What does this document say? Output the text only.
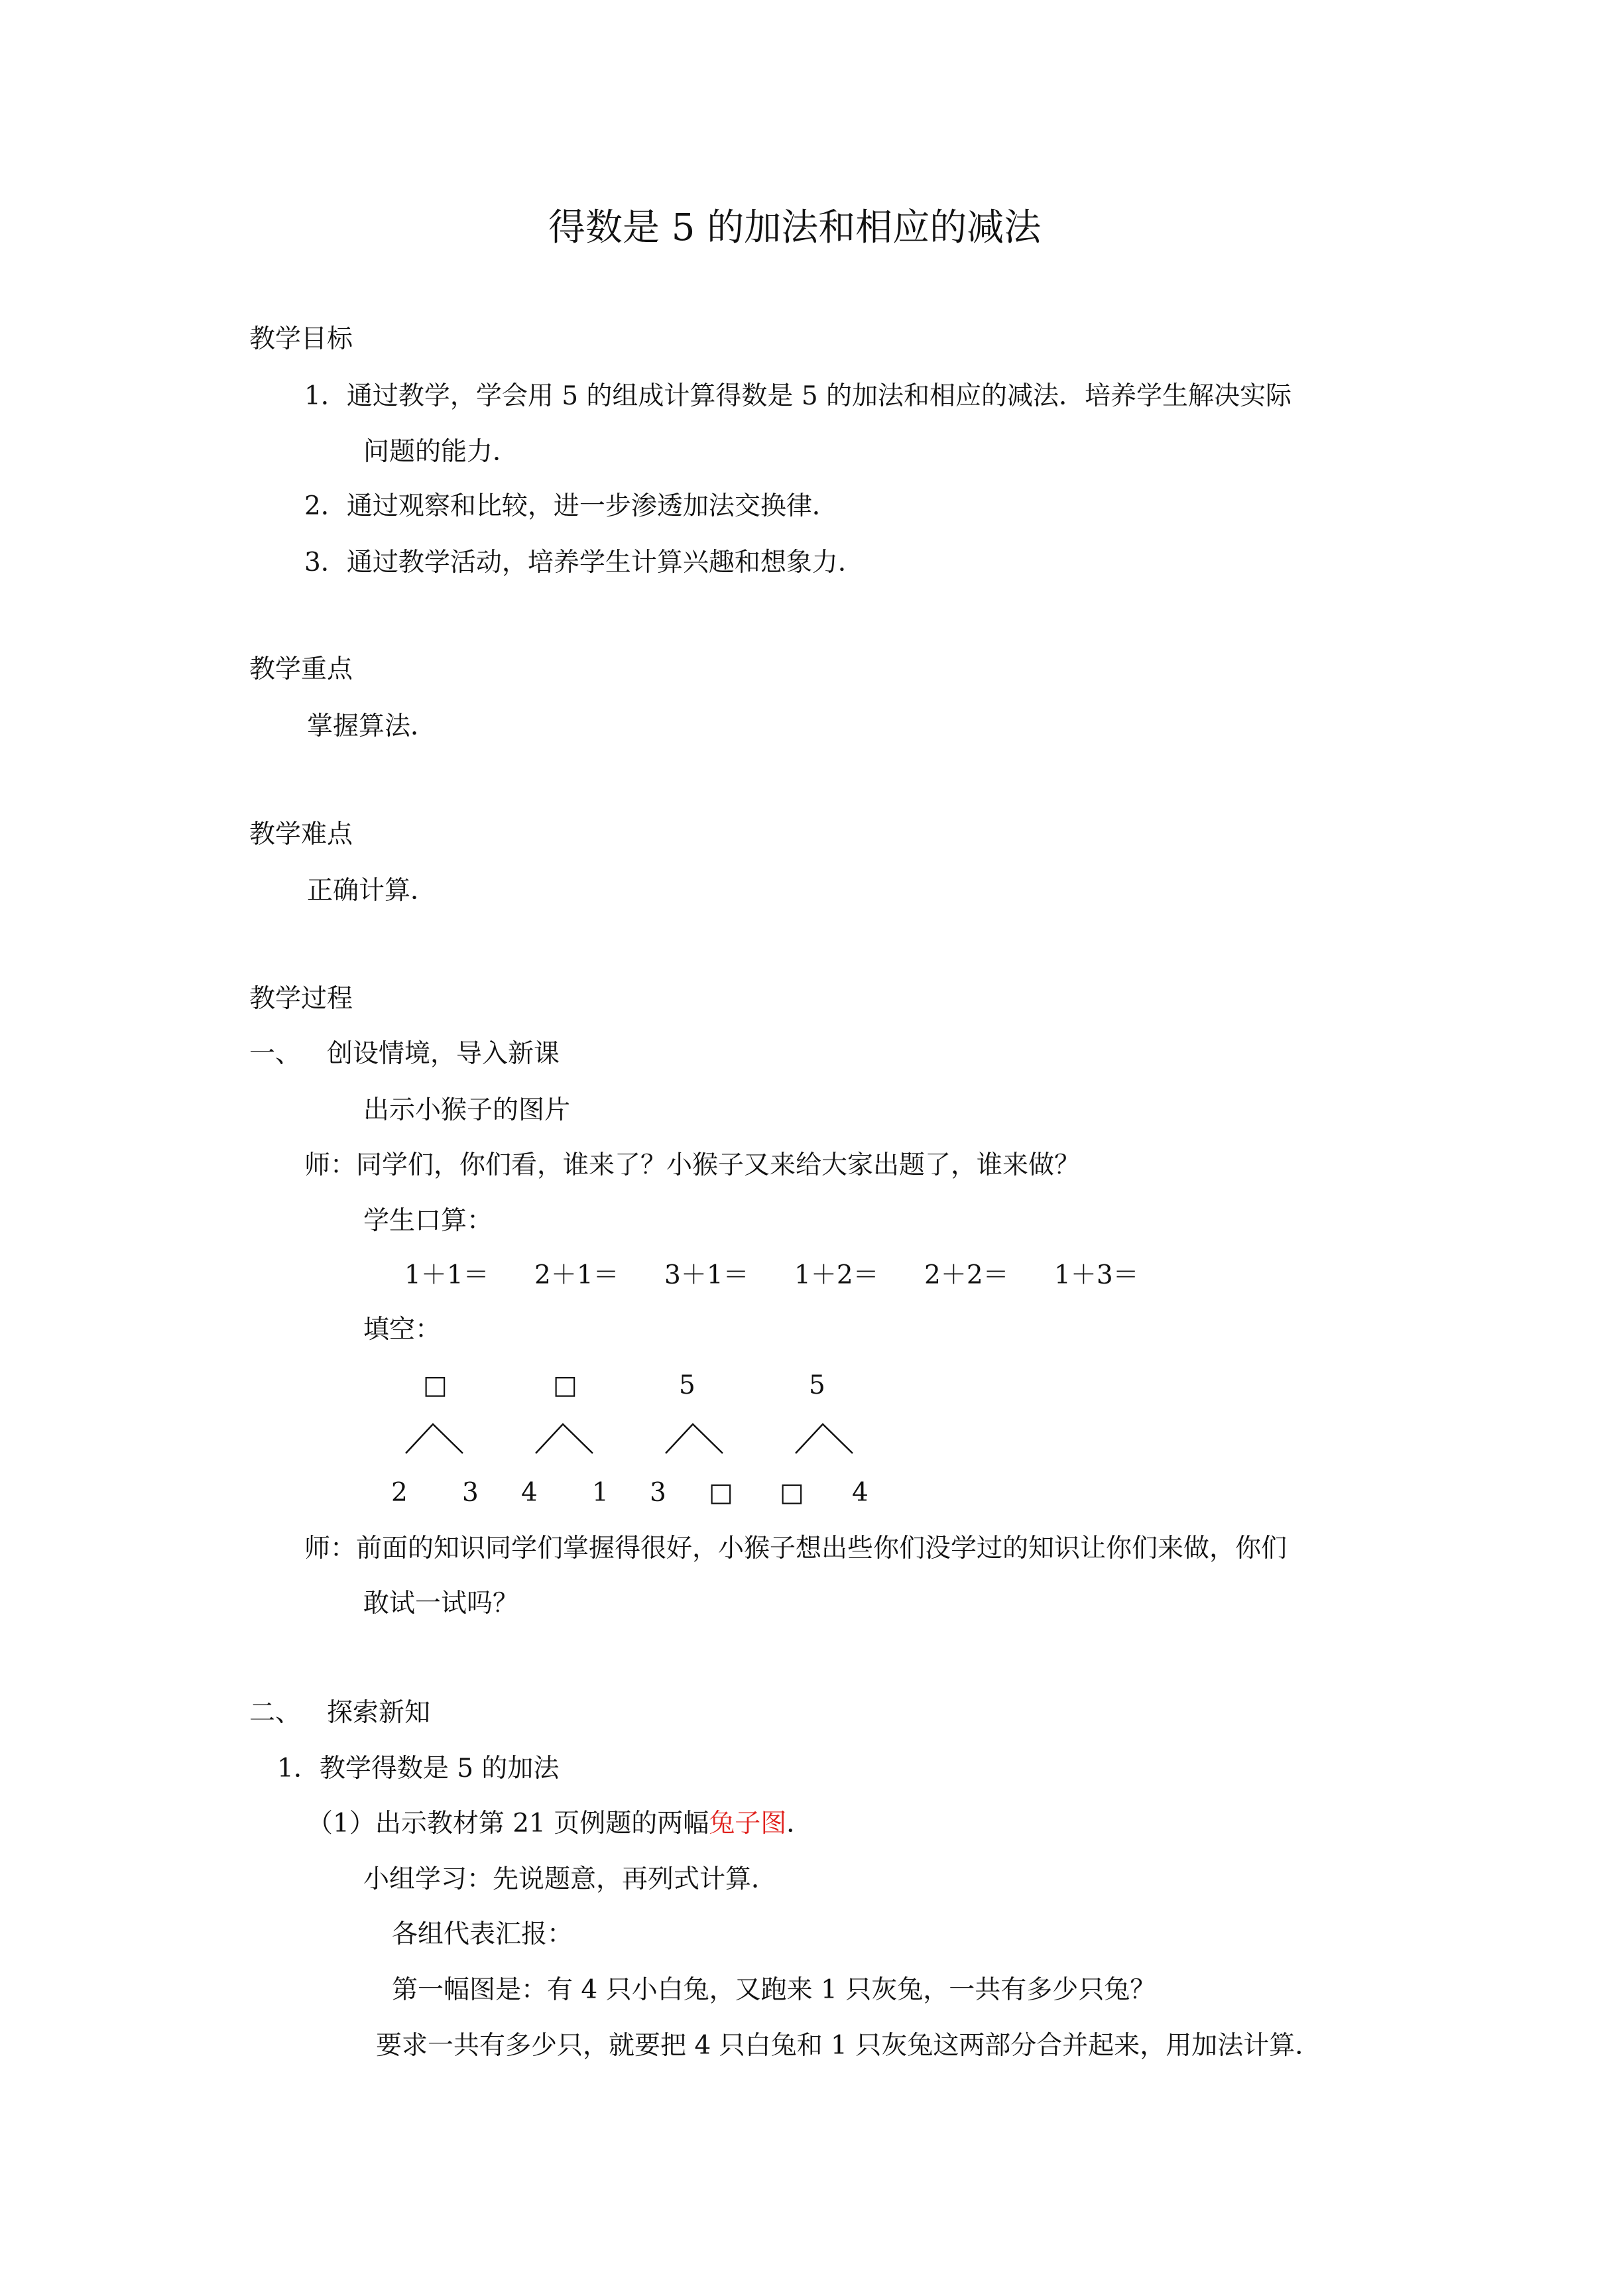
得数是 5 的加法和相应的减法
教学目标
1．通过教学，学会用 5 的组成计算得数是 5 的加法和相应的减法．培养学生解决实际
问题的能力．
2．通过观察和比较，进一步渗透加法交换律．
3．通过教学活动，培养学生计算兴趣和想象力．
教学重点
掌握算法．
教学难点
正确计算．
教学过程
一、 创设情境，导入新课
出示小猴子的图片
师：同学们，你们看，谁来了？小猴子又来给大家出题了，谁来做？
学生口算：
1＋1＝ 2＋1＝ 3＋1＝ 1＋2＝ 2＋2＝ 1＋3＝
填空：
□	□	5	5
2 3 4 1 3 □ □ 4
师：前面的知识同学们掌握得很好，小猴子想出些你们没学过的知识让你们来做，你们
敢试一试吗？
二、 探索新知
1．教学得数是 5 的加法
（1）出示教材第 21 页例题的两幅兔子图．
小组学习：先说题意，再列式计算．
各组代表汇报：
第一幅图是：有 4 只小白兔，又跑来 1 只灰兔，一共有多少只兔？
要求一共有多少只，就要把 4 只白兔和 1 只灰兔这两部分合并起来，用加法计算．
